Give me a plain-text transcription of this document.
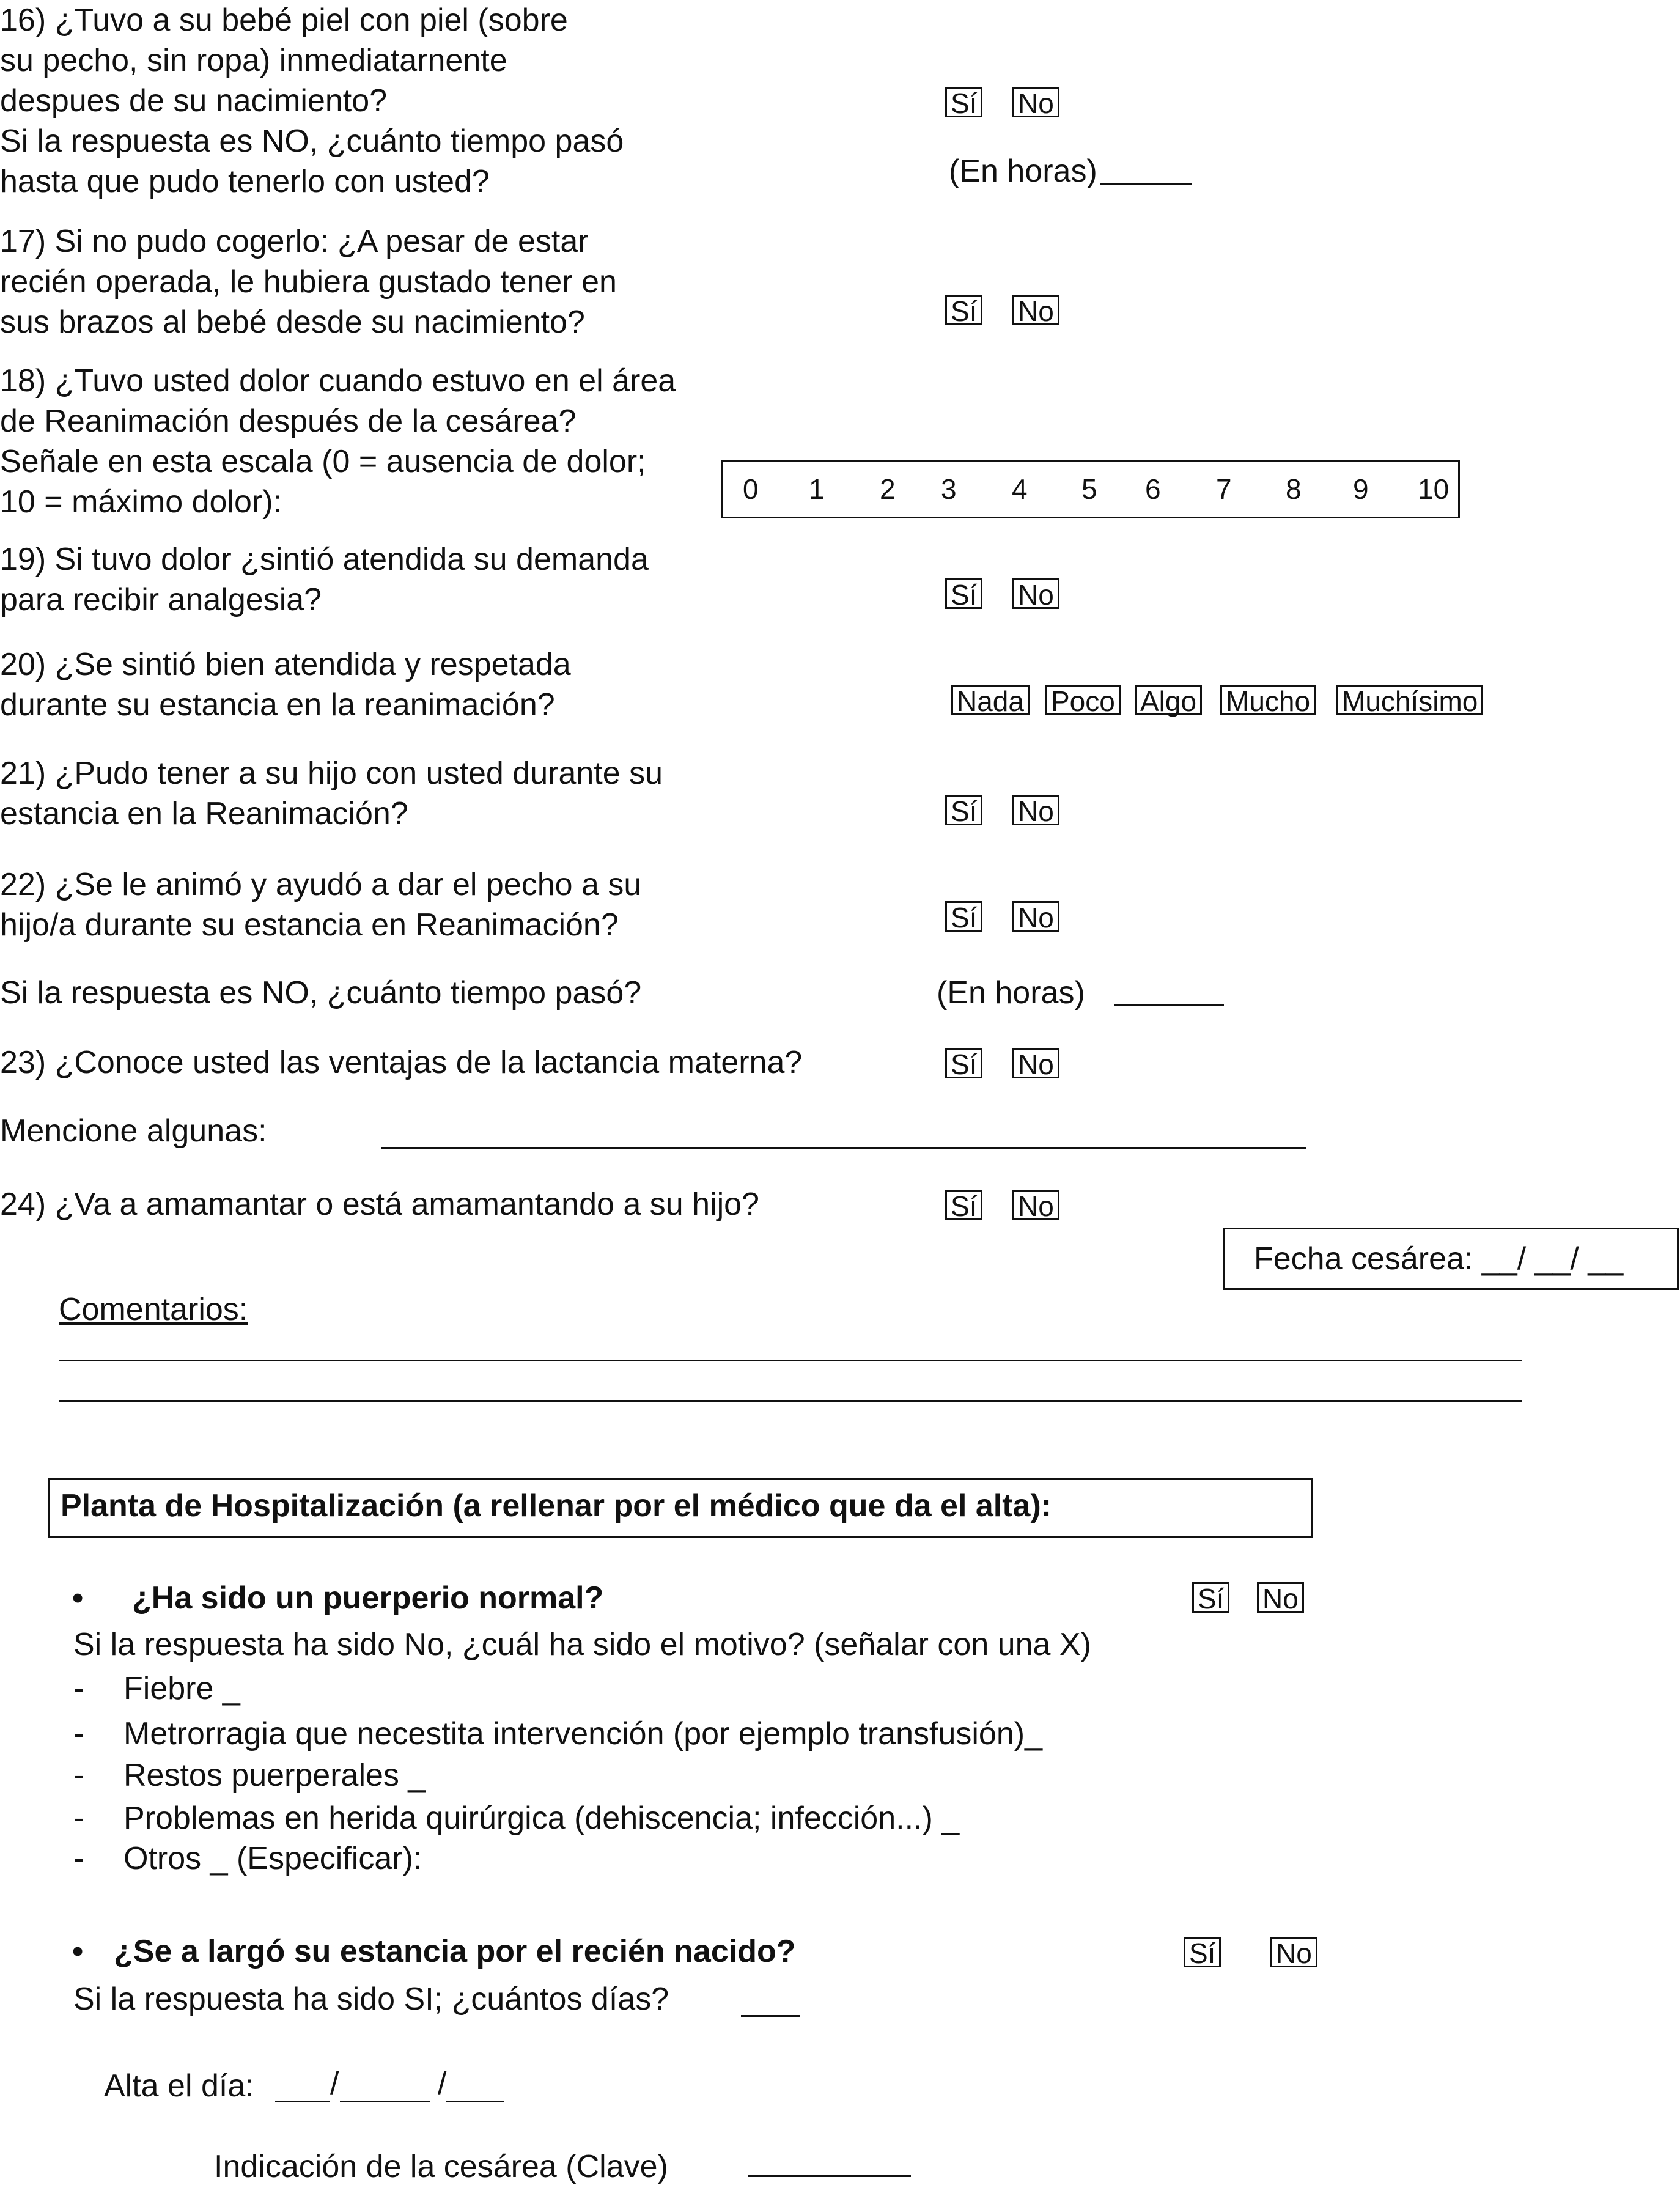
16) ¿Tuvo a su bebé piel con piel (sobre
su pecho, sin ropa) inmediatarnente
despues de su nacimiento?
Si la respuesta es NO, ¿cuánto tiempo pasó
hasta que pudo tenerlo con usted?
Sí No
(En horas)
17) Si no pudo cogerlo: ¿A pesar de estar
recién operada, le hubiera gustado tener en
sus brazos al bebé desde su nacimiento?	Sí No
18) ¿Tuvo usted dolor cuando estuvo en el área
de Reanimación después de la cesárea?
Señale en esta escala (0 = ausencia de dolor;
10 = máximo dolor):	0 1 2 3 4 5 6 7 8 9 10
19) Si tuvo dolor ¿sintió atendida su demanda
para recibir analgesia?	Sí No
20) ¿Se sintió bien atendida y respetada
durante su estancia en la reanimación?	Nada Poco Algo Mucho Muchísimo
21) ¿Pudo tener a su hijo con usted durante su
estancia en la Reanimación?	Sí No
22) ¿Se le animó y ayudó a dar el pecho a su
hijo/a durante su estancia en Reanimación?	Sí No
Si la respuesta es NO, ¿cuánto tiempo pasó?	(En horas)
23) ¿Conoce usted las ventajas de la lactancia materna?	Sí No
Mencione algunas:
24) ¿Va a amamantar o está amamantando a su hijo?	Sí No
Fecha cesárea: __/ __/ __
Comentarios:
Planta de Hospitalización (a rellenar por el médico que da el alta):
• ¿Ha sido un puerperio normal?	Sí No
Si la respuesta ha sido No, ¿cuál ha sido el motivo? (señalar con una X)
- Fiebre _
- Metrorragia que necestita intervención (por ejemplo transfusión)_
- Restos puerperales _
- Problemas en herida quirúrgica (dehiscencia; infección...) _
- Otros _ (Especificar):
• ¿Se a largó su estancia por el recién nacido?	Sí No
Si la respuesta ha sido SI; ¿cuántos días?
Alta el día: /	/
Indicación de la cesárea (Clave)
